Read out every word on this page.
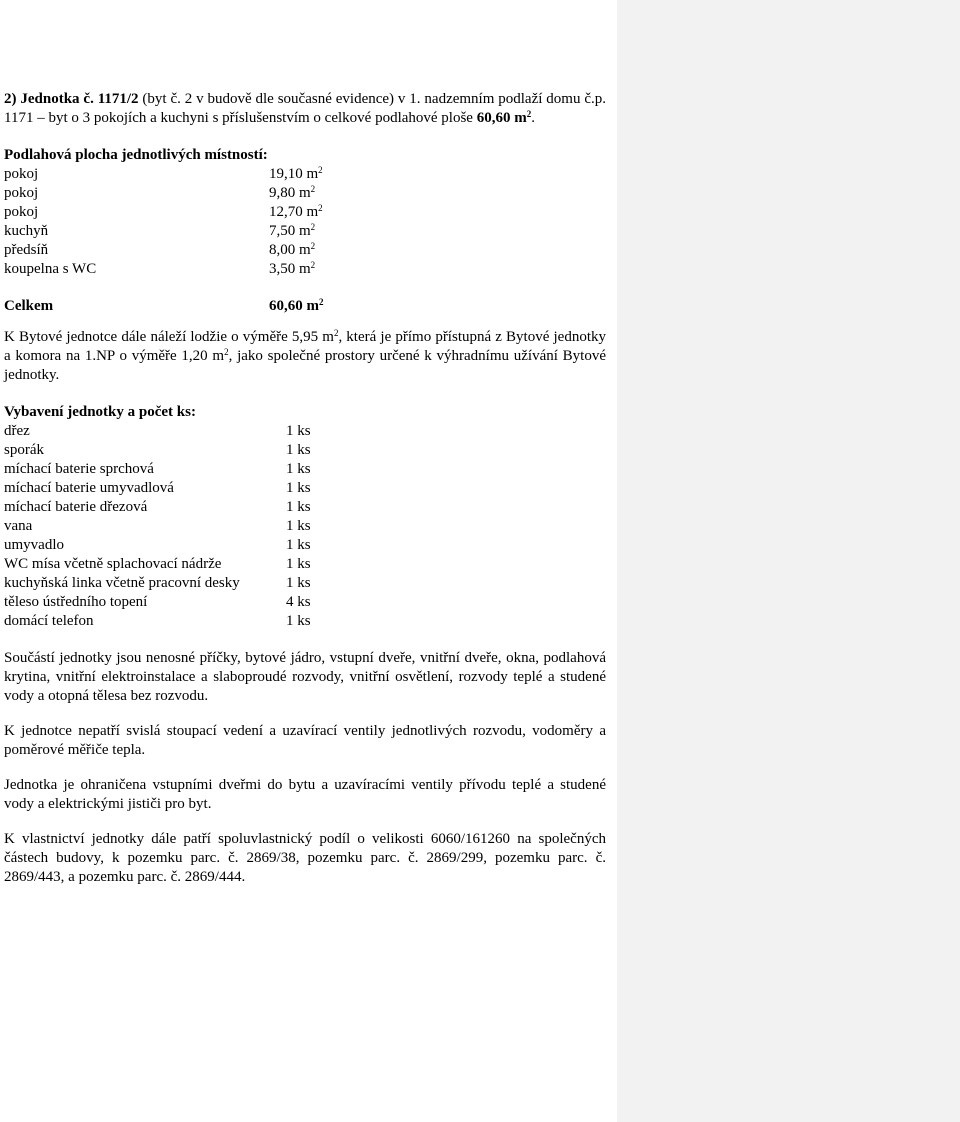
2) Jednotka č. 1171/2 (byt č. 2 v budově dle současné evidence) v 1. nadzemním podlaží domu č.p. 1171 – byt o 3 pokojích a kuchyni s příslušenstvím o celkové podlahové ploše 60,60 $m^2$.

Podlahová plocha jednotlivých místností:
pokoj	19,10 $m^2$
pokoj	9,80 $m^2$
pokoj	12,70 $m^2$
kuchyň	7,50 $m^2$
předsíň	8,00 $m^2$
koupelna s WC	3,50 $m^2$
Celkem	60,60 $m^2$

K Bytové jednotce dále náleží lodžie o výměře 5,95 $m^2$, která je přímo přístupná z Bytové jednotky a komora na 1.NP o výměře 1,20 $m^2$, jako společné prostory určené k výhradnímu užívání Bytové jednotky.

Vybavení jednotky a počet ks:
dřez	1 ks
sporák	1 ks
míchací baterie sprchová	1 ks
míchací baterie umyvadlová	1 ks
míchací baterie dřezová	1 ks
vana	1 ks
umyvadlo	1 ks
WC mísa včetně splachovací nádrže	1 ks
kuchyňská linka včetně pracovní desky	1 ks
těleso ústředního topení	4 ks
domácí telefon	1 ks

Součástí jednotky jsou nenosné příčky, bytové jádro, vstupní dveře, vnitřní dveře, okna, podlahová krytina, vnitřní elektroinstalace a slaboproudé rozvody, vnitřní osvětlení, rozvody teplé a studené vody a otopná tělesa bez rozvodu.

K jednotce nepatří svislá stoupací vedení a uzavírací ventily jednotlivých rozvodu, vodoměry a poměrové měřiče tepla.

Jednotka je ohraničena vstupními dveřmi do bytu a uzavíracími ventily přívodu teplé a studené vody a elektrickými jističi pro byt.

K vlastnictví jednotky dále patří spoluvlastnický podíl o velikosti 6060/161260 na společných částech budovy, k pozemku parc. č. 2869/38, pozemku parc. č. 2869/299, pozemku parc. č. 2869/443, a pozemku parc. č. 2869/444.
